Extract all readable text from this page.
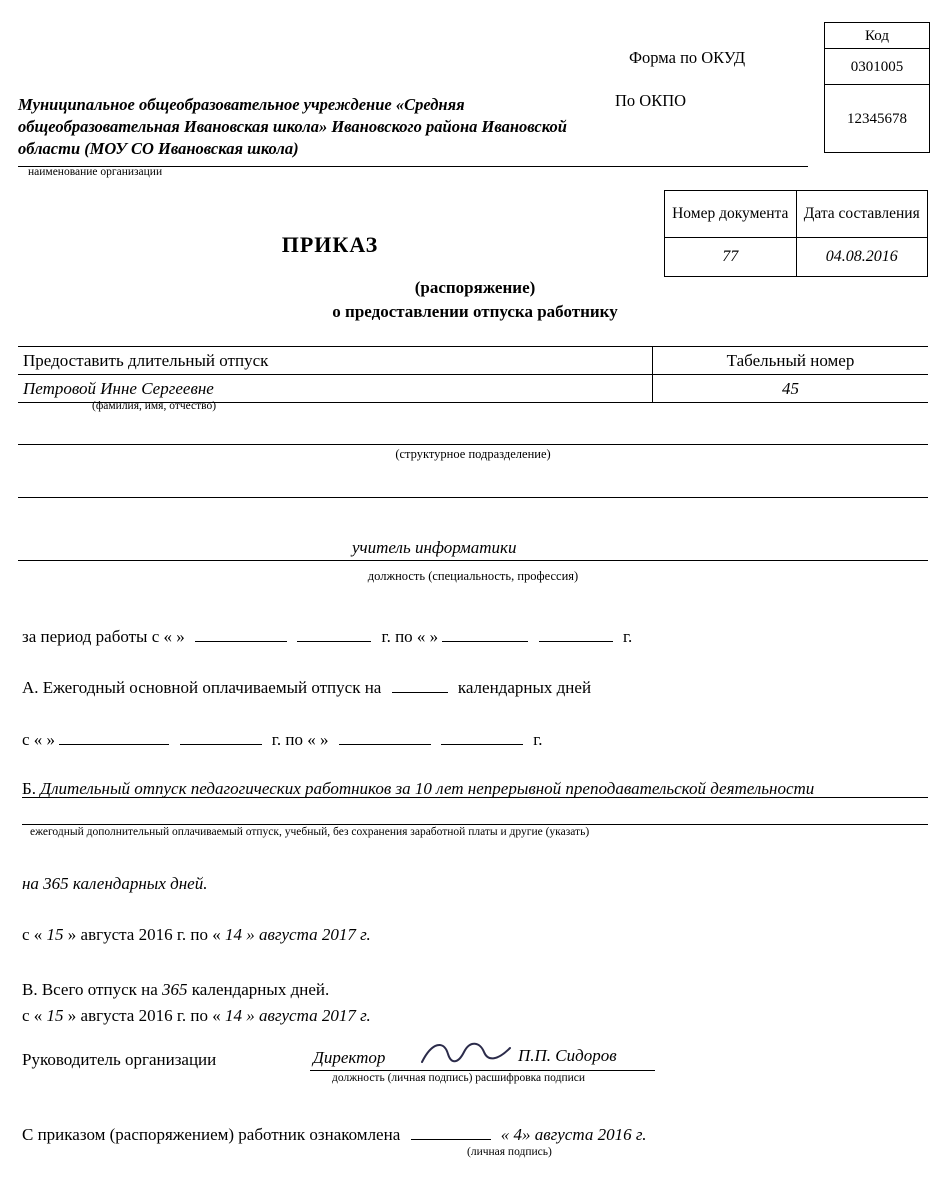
Код
0301005
12345678
Форма по ОКУД
По ОКПО
Муниципальное общеобразовательное учреждение «Средняя общеобразовательная Ивановская школа» Ивановского района Ивановской области (МОУ СО Ивановская школа)
наименование организации
Номер документа	Дата составления
77	04.08.2016
ПРИКАЗ
(распоряжение)
о предоставлении отпуска работнику
Предоставить длительный отпуск	Табельный номер
Петровой Инне Сергеевне	45
(фамилия, имя, отчество)
(структурное подразделение)
учитель информатики
должность (специальность, профессия)
за период работы с « »	г. по « »	г.
А. Ежегодный основной оплачиваемый отпуск на	календарных дней
с « »	г. по « »	г.
Б. Длительный отпуск педагогических работников за 10 лет непрерывной преподавательской деятельности
ежегодный дополнительный оплачиваемый отпуск, учебный, без сохранения заработной платы и другие (указать)
на 365 календарных дней.
с « 15 » августа 2016 г. по « 14 » августа 2017 г.
В. Всего отпуск на 365 календарных дней.
с « 15 » августа 2016 г. по « 14 » августа 2017 г.
Руководитель организации	Директор	П.П. Сидоров
должность (личная подпись) расшифровка подписи
С приказом (распоряжением) работник ознакомлена	« 4» августа 2016 г.
(личная подпись)
